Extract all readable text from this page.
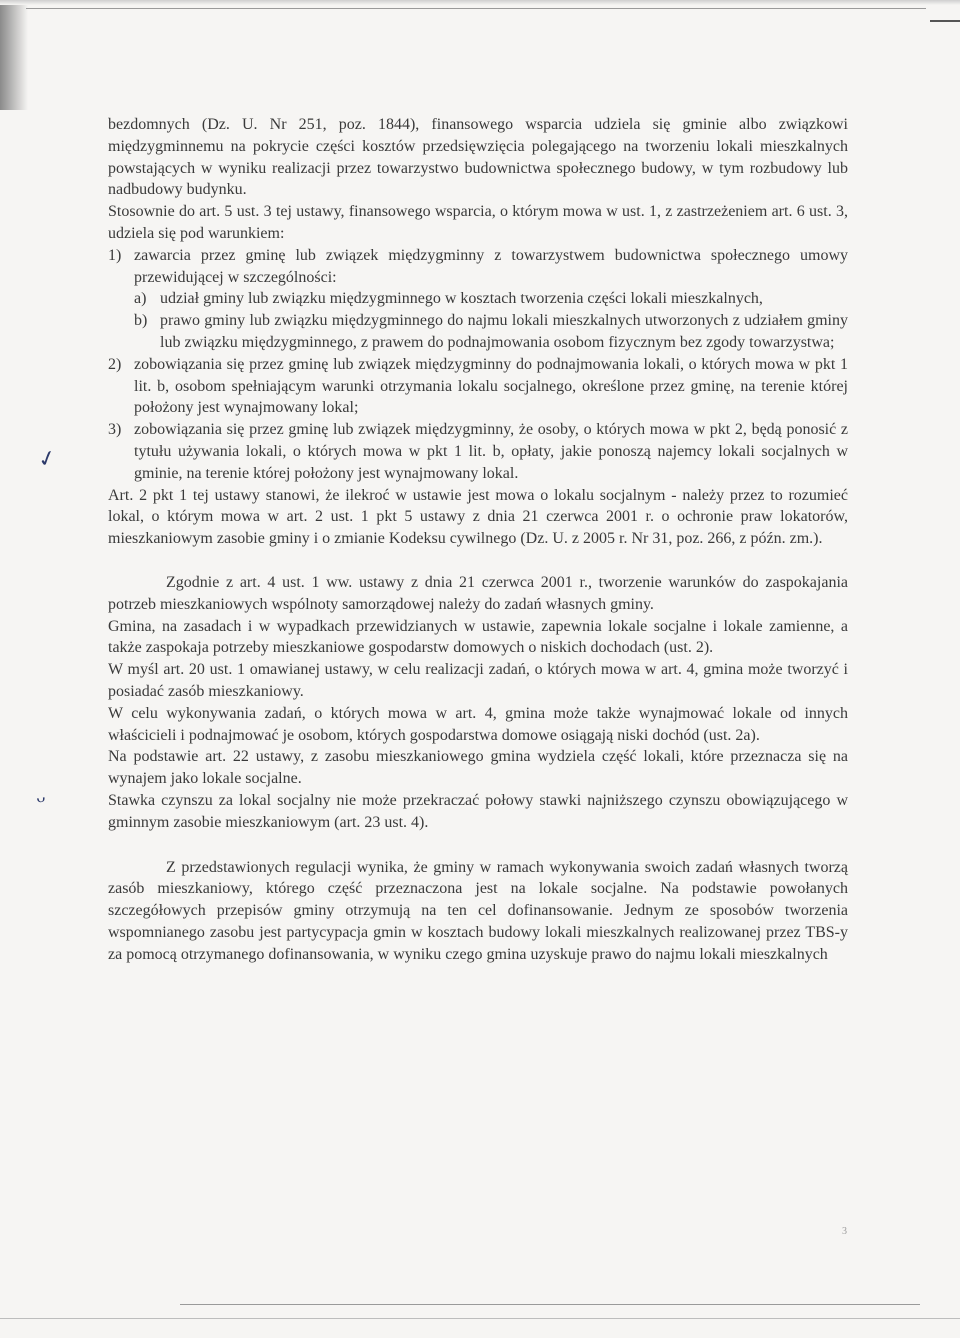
✓
ᴗ

bezdomnych (Dz. U. Nr 251, poz. 1844), finansowego wsparcia udziela się gminie albo związkowi międzygminnemu na pokrycie części kosztów przedsięwzięcia polegającego na tworzeniu lokali mieszkalnych powstających w wyniku realizacji przez towarzystwo budownictwa społecznego budowy, w tym rozbudowy lub nadbudowy budynku.

Stosownie do art. 5 ust. 3 tej ustawy, finansowego wsparcia, o którym mowa w ust. 1, z zastrzeżeniem art. 6 ust. 3, udziela się pod warunkiem:

1) zawarcia przez gminę lub związek międzygminny z towarzystwem budownictwa społecznego umowy przewidującej w szczególności:
a) udział gminy lub związku międzygminnego w kosztach tworzenia części lokali mieszkalnych,
b) prawo gminy lub związku międzygminnego do najmu lokali mieszkalnych utworzonych z udziałem gminy lub związku międzygminnego, z prawem do podnajmowania osobom fizycznym bez zgody towarzystwa;
2) zobowiązania się przez gminę lub związek międzygminny do podnajmowania lokali, o których mowa w pkt 1 lit. b, osobom spełniającym warunki otrzymania lokalu socjalnego, określone przez gminę, na terenie której położony jest wynajmowany lokal;
3) zobowiązania się przez gminę lub związek międzygminny, że osoby, o których mowa w pkt 2, będą ponosić z tytułu używania lokali, o których mowa w pkt 1 lit. b, opłaty, jakie ponoszą najemcy lokali socjalnych w gminie, na terenie której położony jest wynajmowany lokal.

Art. 2 pkt 1 tej ustawy stanowi, że ilekroć w ustawie jest mowa o lokalu socjalnym - należy przez to rozumieć lokal, o którym mowa w art. 2 ust. 1 pkt 5 ustawy z dnia 21 czerwca 2001 r. o ochronie praw lokatorów, mieszkaniowym zasobie gminy i o zmianie Kodeksu cywilnego (Dz. U. z 2005 r. Nr 31, poz. 266, z późn. zm.).

Zgodnie z art. 4 ust. 1 ww. ustawy z dnia 21 czerwca 2001 r., tworzenie warunków do zaspokajania potrzeb mieszkaniowych wspólnoty samorządowej należy do zadań własnych gminy.

Gmina, na zasadach i w wypadkach przewidzianych w ustawie, zapewnia lokale socjalne i lokale zamienne, a także zaspokaja potrzeby mieszkaniowe gospodarstw domowych o niskich dochodach (ust. 2).

W myśl art. 20 ust. 1 omawianej ustawy, w celu realizacji zadań, o których mowa w art. 4, gmina może tworzyć i posiadać zasób mieszkaniowy.

W celu wykonywania zadań, o których mowa w art. 4, gmina może także wynajmować lokale od innych właścicieli i podnajmować je osobom, których gospodarstwa domowe osiągają niski dochód (ust. 2a).

Na podstawie art. 22 ustawy, z zasobu mieszkaniowego gmina wydziela część lokali, które przeznacza się na wynajem jako lokale socjalne.

Stawka czynszu za lokal socjalny nie może przekraczać połowy stawki najniższego czynszu obowiązującego w gminnym zasobie mieszkaniowym (art. 23 ust. 4).

Z przedstawionych regulacji wynika, że gminy w ramach wykonywania swoich zadań własnych tworzą zasób mieszkaniowy, którego część przeznaczona jest na lokale socjalne. Na podstawie powołanych szczegółowych przepisów gminy otrzymują na ten cel dofinansowanie. Jednym ze sposobów tworzenia wspomnianego zasobu jest partycypacja gmin w kosztach budowy lokali mieszkalnych realizowanej przez TBS-y za pomocą otrzymanego dofinansowania, w wyniku czego gmina uzyskuje prawo do najmu lokali mieszkalnych

3
